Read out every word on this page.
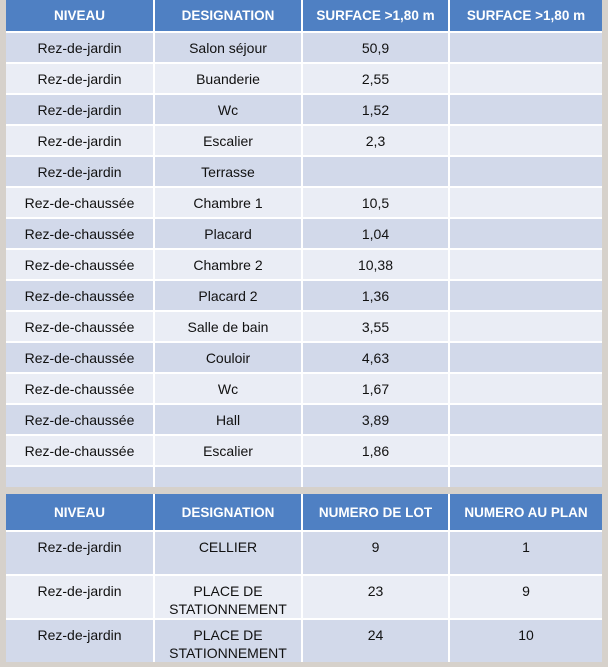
NIVEAU	DESIGNATION	SURFACE >1,80 m	SURFACE >1,80 m
Rez-de-jardin	Salon séjour	50,9	
Rez-de-jardin	Buanderie	2,55	
Rez-de-jardin	Wc	1,52	
Rez-de-jardin	Escalier	2,3	
Rez-de-jardin	Terrasse		
Rez-de-chaussée	Chambre 1	10,5	
Rez-de-chaussée	Placard	1,04	
Rez-de-chaussée	Chambre 2	10,38	
Rez-de-chaussée	Placard 2	1,36	
Rez-de-chaussée	Salle de bain	3,55	
Rez-de-chaussée	Couloir	4,63	
Rez-de-chaussée	Wc	1,67	
Rez-de-chaussée	Hall	3,89	
Rez-de-chaussée	Escalier	1,86	

NIVEAU	DESIGNATION	NUMERO DE LOT	NUMERO AU PLAN
Rez-de-jardin	CELLIER	9	1
Rez-de-jardin	PLACE DE STATIONNEMENT	23	9
Rez-de-jardin	PLACE DE STATIONNEMENT	24	10
